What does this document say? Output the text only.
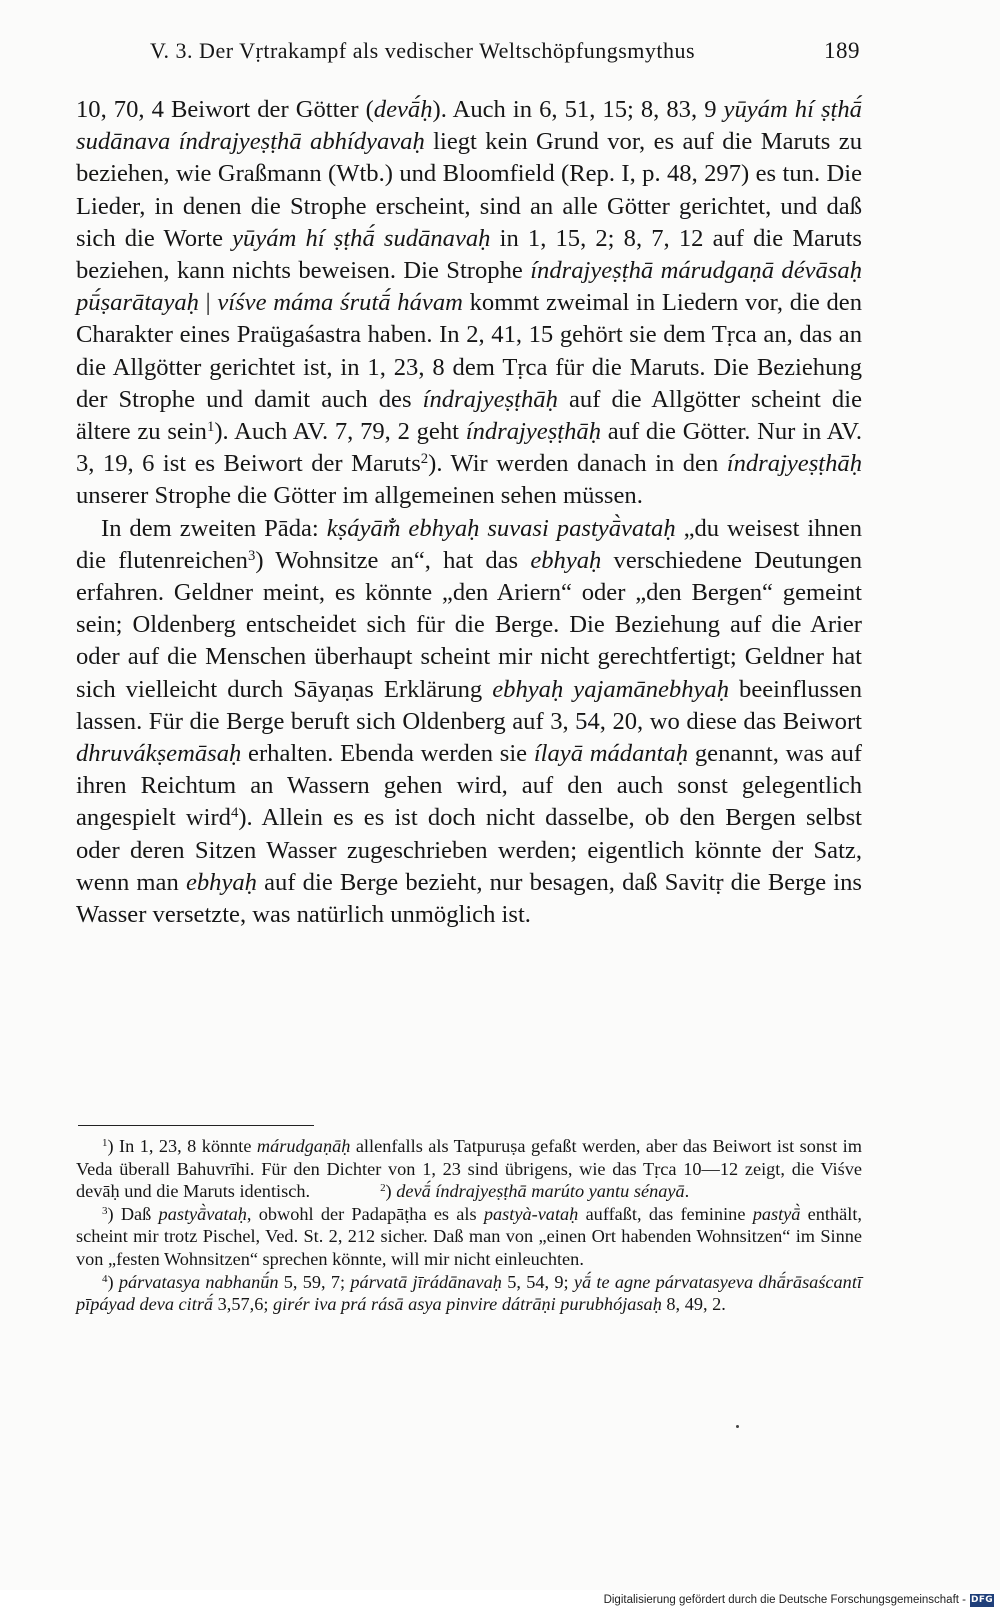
V. 3. Der Vṛtrakampf als vedischer Weltschöpfungsmythus	189

10, 70, 4 Beiwort der Götter (devā́ḥ). Auch in 6, 51, 15; 8, 83, 9 yūyám hí ṣṭhā́ sudānava índrajyeṣṭhā abhídyavaḥ liegt kein Grund vor, es auf die Maruts zu beziehen, wie Graßmann (Wtb.) und Bloomfield (Rep. I, p. 48, 297) es tun. Die Lieder, in denen die Strophe erscheint, sind an alle Götter gerichtet, und daß sich die Worte yūyám hí ṣṭhā́ sudānavaḥ in 1, 15, 2; 8, 7, 12 auf die Maruts beziehen, kann nichts beweisen. Die Strophe índrajyeṣṭhā márudgaṇā dévāsaḥ pū́ṣarātayaḥ | víśve máma śrutā́ hávam kommt zweimal in Liedern vor, die den Charakter eines Praügaśastra haben. In 2, 41, 15 gehört sie dem Tṛca an, das an die Allgötter gerichtet ist, in 1, 23, 8 dem Tṛca für die Maruts. Die Beziehung der Strophe und damit auch des índrajyeṣṭhāḥ auf die Allgötter scheint die ältere zu sein$^1$). Auch AV. 7, 79, 2 geht índrajyeṣṭhāḥ auf die Götter. Nur in AV. 3, 19, 6 ist es Beiwort der Maruts$^2$). Wir werden danach in den índrajyeṣṭhāḥ unserer Strophe die Götter im allgemeinen sehen müssen.

In dem zweiten Pāda: kṣáyām̐ ebhyaḥ suvasi pastyā̀vataḥ „du weisest ihnen die flutenreichen$^3$) Wohnsitze an“, hat das ebhyaḥ verschiedene Deutungen erfahren. Geldner meint, es könnte „den Ariern“ oder „den Bergen“ gemeint sein; Oldenberg entscheidet sich für die Berge. Die Beziehung auf die Arier oder auf die Menschen überhaupt scheint mir nicht gerechtfertigt; Geldner hat sich vielleicht durch Sāyaṇas Erklärung ebhyaḥ yajamānebhyaḥ beeinflussen lassen. Für die Berge beruft sich Oldenberg auf 3, 54, 20, wo diese das Beiwort dhruvákṣemāsaḥ erhalten. Ebenda werden sie ílayā mádantaḥ genannt, was auf ihren Reichtum an Wassern gehen wird, auf den auch sonst gelegentlich angespielt wird$^4$). Allein es es ist doch nicht dasselbe, ob den Bergen selbst oder deren Sitzen Wasser zugeschrieben werden; eigentlich könnte der Satz, wenn man ebhyaḥ auf die Berge bezieht, nur besagen, daß Savitṛ die Berge ins Wasser versetzte, was natürlich unmöglich ist.

$^1$) In 1, 23, 8 könnte márudgaṇāḥ allenfalls als Tatpuruṣa gefaßt werden, aber das Beiwort ist sonst im Veda überall Bahuvrīhi. Für den Dichter von 1, 23 sind übrigens, wie das Tṛca 10—12 zeigt, die Viśve devāḥ und die Maruts identisch.	$^2$) devā́ índrajyeṣṭhā marúto yantu sénayā.

$^3$) Daß pastyā̀vataḥ, obwohl der Padapāṭha es als pastyà-vataḥ auffaßt, das feminine pastyā̀ enthält, scheint mir trotz Pischel, Ved. St. 2, 212 sicher. Daß man von „einen Ort habenden Wohnsitzen“ im Sinne von „festen Wohnsitzen“ sprechen könnte, will mir nicht einleuchten.

$^4$) párvatasya nabhanū́n 5, 59, 7; párvatā jīrádānavaḥ 5, 54, 9; yā́ te agne párvatasyeva dhā́rāsaścantī pīpáyad deva citrā́ 3,57,6; girér iva prá rásā asya pinvire dátrāṇi purubhójasaḥ 8, 49, 2.

Digitalisierung gefördert durch die Deutsche Forschungsgemeinschaft - DFG
